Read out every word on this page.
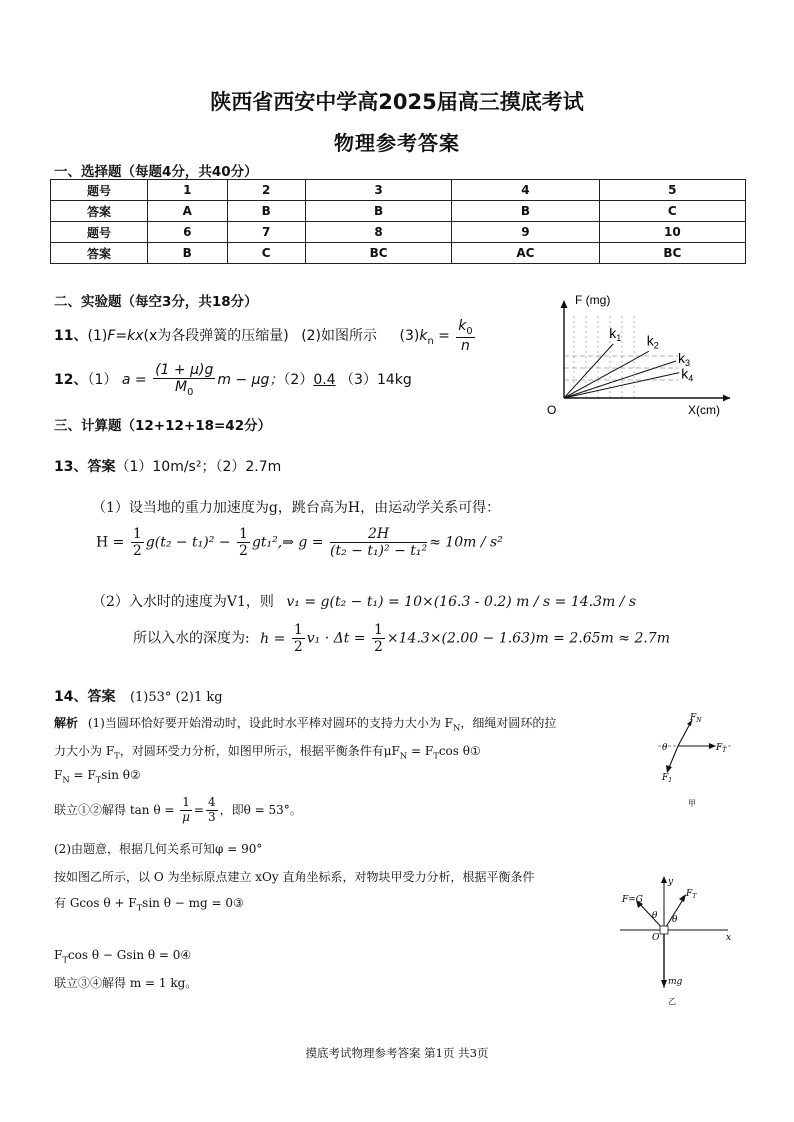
陕西省西安中学高2025届高三摸底考试
物理参考答案
一、选择题（每题4分，共40分）
题号	1	2	3	4	5
答案	A	B	B	B	C
题号	6	7	8	9	10
答案	B	C	BC	AC	BC
二、实验题（每空3分，共18分）
11、(1)F=kx(x为各段弹簧的压缩量) (2)如图所示 $(3)k_n = \frac{k_0}{n}$
12、（1） $a = \frac{(1 + \mu)g}{M_0}$ m − μg；（2）0.4 （3）14kg
$k_1$ $k_2$
$k_3$
$k_4$
F (mg)
X(cm)
O
三、计算题（12+12+18=42分）
13、答案（1）10m/s²；（2）2.7m
（1）设当地的重力加速度为g，跳台高为H，由运动学关系可得：
$H = \frac{1}{2} g(t_2 - t_1)^2 - \frac{1}{2}$ gt₁²,⇒ $g = \frac{2H}{\text{(t₂ − t₁)² − t₁²}} \approx 10m / s^2$
（2）入水时的速度为V1，则 v₁ = g(t₂ − t₁) = 10×(16.3 - 0.2) m / s = 14.3m / s
所以入水的深度为: $h = \frac{1}{2} v_1 \cdot \Delta t = \frac{1}{2} \times 14.3\times(2.00 - 1.63)m = 2.65m \approx 2.7m$
14、答案 (1)53° (2)1 kg
解析 (1)当圆环恰好要开始滑动时，设此时水平棒对圆环的支持力大小为 $F_N$，细绳对圆环的拉
力大小为 $F_T$，对圆环受力分析，如图甲所示，根据平衡条件有$\mu F_N = F_T\cos$ θ①
$F_N = F_T\sin$ θ②
联立①②解得 $\tan \theta = \frac{1}{\mu} = \frac{4}{3}$ ，即θ = 53°。
(2)由题意，根据几何关系可知φ = 90°
按如图乙所示，以 O 为坐标原点建立 xOy 直角坐标系，对物块甲受力分析，根据平衡条件
有 Gcos $\theta + F_T\sin$ θ − mg = 0③
$F_T\cos$ θ − Gsin θ = 0④
联立③④解得 m = 1 kg。
$F_N$
$F_T$
$F_1$
θ
甲
F=G
$F_T$
y
x
O
θ θ
mg
乙
摸底考试物理参考答案 第1页 共3页
